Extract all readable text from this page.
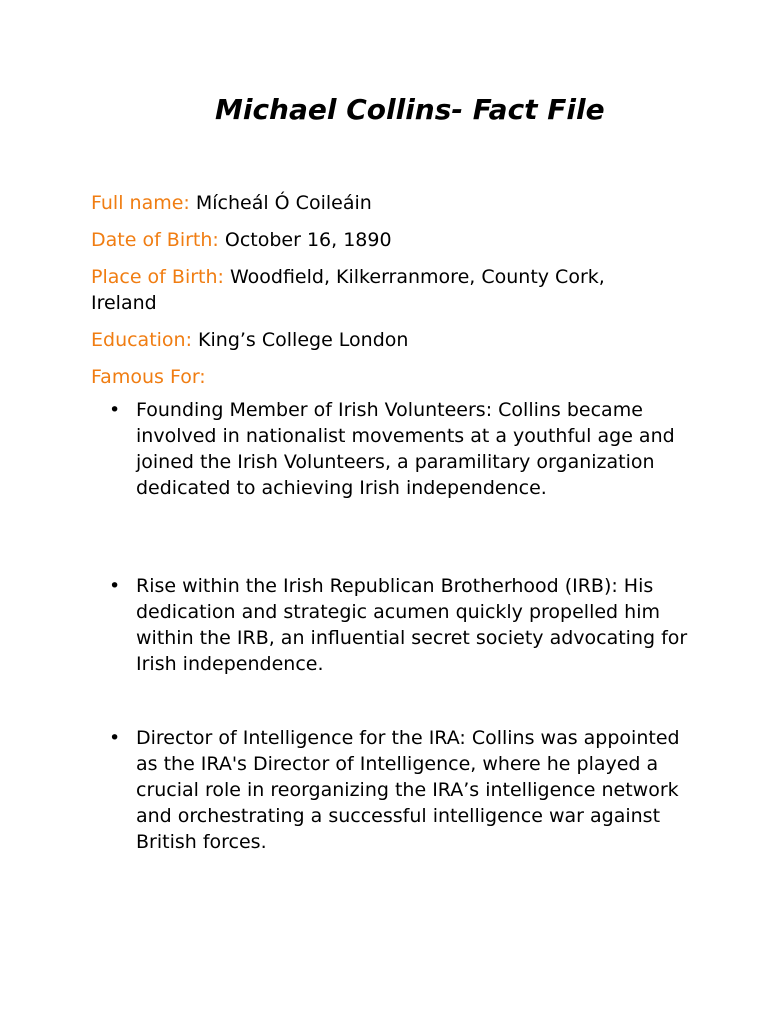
Michael Collins- Fact File

Full name: Mícheál Ó Coileáin

Date of Birth: October 16, 1890

Place of Birth: Woodfield, Kilkerranmore, County Cork, Ireland

Education: King’s College London

Famous For:

• Founding Member of Irish Volunteers: Collins became involved in nationalist movements at a youthful age and joined the Irish Volunteers, a paramilitary organization dedicated to achieving Irish independence.
• Rise within the Irish Republican Brotherhood (IRB): His dedication and strategic acumen quickly propelled him within the IRB, an influential secret society advocating for Irish independence.
• Director of Intelligence for the IRA: Collins was appointed as the IRA's Director of Intelligence, where he played a crucial role in reorganizing the IRA’s intelligence network and orchestrating a successful intelligence war against British forces.
